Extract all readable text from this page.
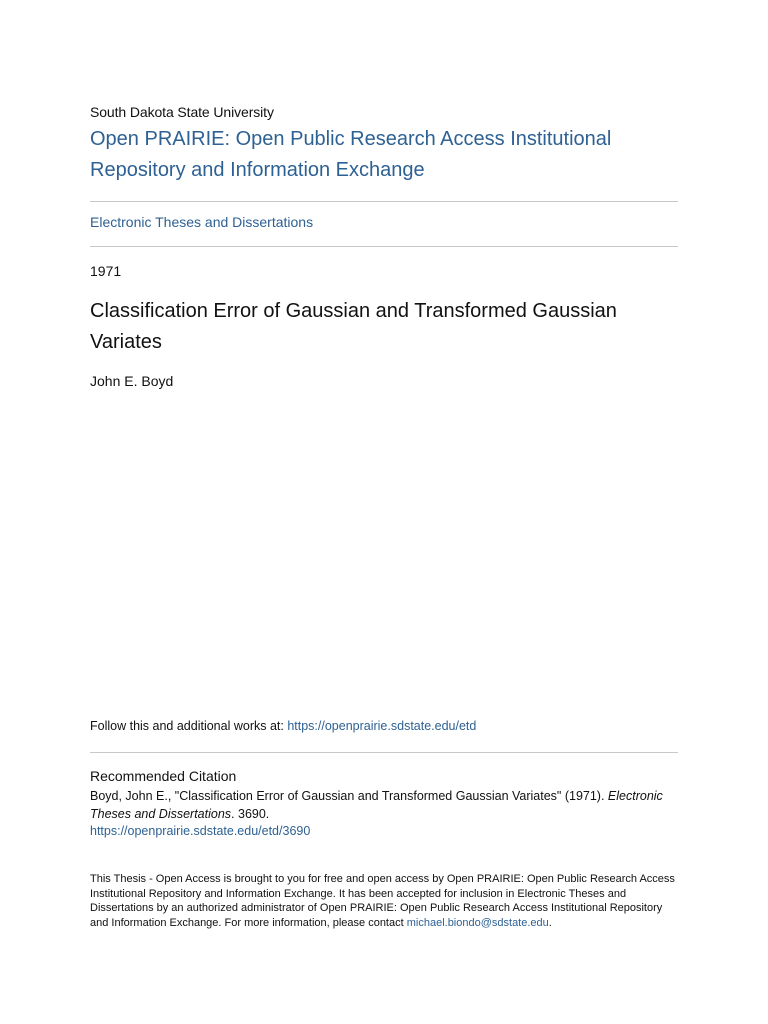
South Dakota State University
Open PRAIRIE: Open Public Research Access Institutional Repository and Information Exchange
Electronic Theses and Dissertations
1971
Classification Error of Gaussian and Transformed Gaussian Variates
John E. Boyd
Follow this and additional works at: https://openprairie.sdstate.edu/etd
Recommended Citation
Boyd, John E., "Classification Error of Gaussian and Transformed Gaussian Variates" (1971). Electronic Theses and Dissertations. 3690.
https://openprairie.sdstate.edu/etd/3690
This Thesis - Open Access is brought to you for free and open access by Open PRAIRIE: Open Public Research Access Institutional Repository and Information Exchange. It has been accepted for inclusion in Electronic Theses and Dissertations by an authorized administrator of Open PRAIRIE: Open Public Research Access Institutional Repository and Information Exchange. For more information, please contact michael.biondo@sdstate.edu.
